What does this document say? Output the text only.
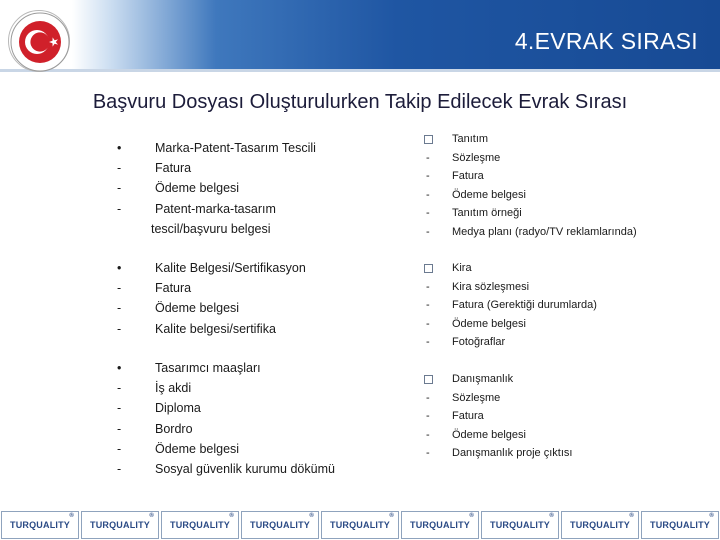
4.EVRAK SIRASI
Başvuru Dosyası Oluşturulurken Takip Edilecek Evrak Sırası
•	Marka-Patent-Tasarım Tescili
-	Fatura
-	Ödeme belgesi
-	Patent-marka-tasarım
tescil/başvuru belgesi
•	Kalite Belgesi/Sertifikasyon
-	Fatura
-	Ödeme belgesi
-	Kalite belgesi/sertifika
•	Tasarımcı maaşları
-	İş akdi
-	Diploma
-	Bordro
-	Ödeme belgesi
-	Sosyal güvenlik kurumu dökümü
Tanıtım
-	Sözleşme
-	Fatura
-	Ödeme belgesi
-	Tanıtım örneği
-	Medya planı (radyo/TV reklamlarında)
Kira
-	Kira sözleşmesi
-	Fatura (Gerektiği durumlarda)
-	Ödeme belgesi
-	Fotoğraflar
Danışmanlık
-	Sözleşme
-	Fatura
-	Ödeme belgesi
-	Danışmanlık proje çıktısı
TURQUALITY
®
TURQUALITY
®
TURQUALITY
®
TURQUALITY
®
TURQUALITY
®
TURQUALITY
®
TURQUALITY
®
TURQUALITY
®
TURQUALITY
®
